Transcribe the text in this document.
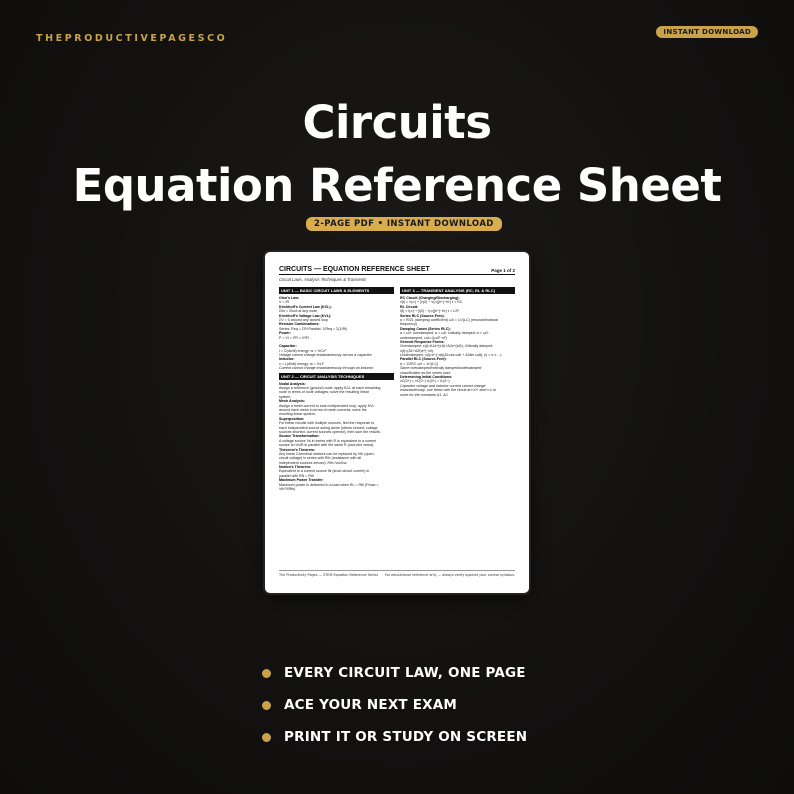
THEPRODUCTIVEPAGESCO
INSTANT DOWNLOAD
Circuits
Equation Reference Sheet
2-PAGE PDF • INSTANT DOWNLOAD
CIRCUITS — EQUATION REFERENCE SHEET	Page 1 of 2
Circuit Laws, Analysis Techniques & Transients
UNIT 1 — BASIC CIRCUIT LAWS & ELEMENTS
Ohm's Law:
V = IR
Kirchhoff's Current Law (KCL):
ΣIin = ΣIout at any node
Kirchhoff's Voltage Law (KVL):
ΣV = 0 around any closed loop
Resistor Combinations:
Series: Req = ΣRi Parallel: 1/Req = Σ(1/Ri)
Power:
P = VI = I²R = V²/R
Capacitor:
i = C(dv/dt) energy: w = ½Cv²
Voltage cannot change instantaneously across a capacitor
Inductor:
v = L(di/dt) energy: w = ½Li²
Current cannot change instantaneously through an inductor
UNIT 2 — CIRCUIT ANALYSIS TECHNIQUES
Nodal Analysis:
Assign a reference (ground) node; apply KCL at each remaining
node in terms of node voltages; solve the resulting linear
system.
Mesh Analysis:
Assign a mesh current to each independent loop; apply KVL
around each mesh in terms of mesh currents; solve the
resulting linear system.
Superposition:
For linear circuits with multiple sources, find the response to
each independent source acting alone (others zeroed: voltage
sources shorted, current sources opened), then sum the results.
Source Transformation:
A voltage source Vs in series with R is equivalent to a current
source Is=Vs/R in parallel with the same R (and vice versa).
Thévenin's Theorem:
Any linear 2-terminal network can be replaced by Vth (open-
circuit voltage) in series with Rth (resistance with all
independent sources zeroed). Rth=Voc/Isc
Norton's Theorem:
Equivalent to a current source IN (short-circuit current) in
parallel with RN = Rth
Maximum Power Transfer:
Maximum power is delivered to a load when RL = Rth (Pmax =
Vth²/4Rth)
UNIT 3 — TRANSIENT ANALYSIS (RC, RL & RLC)
RC Circuit (Charging/Discharging):
v(t) = v(∞) + [v(0) − v(∞)]e^(−t/τ) τ = RC
RL Circuit:
i(t) = i(∞) + [i(0) − i(∞)]e^(−t/τ) τ = L/R
Series RLC (Source-Free):
α = R/2L (damping coefficient) ω0 = 1/√(LC) (resonant/natural
frequency)
Damping Cases (Series RLC):
α > ω0: overdamped; α = ω0: critically damped; α < ω0:
underdamped, ωd=√(ω0²−α²)
General Response Forms:
Overdamped: x(t)=A1e^(s1t)+A2e^(s2t); Critically damped:
x(t)=(A1+A2t)e^(−αt);
Underdamped: x(t)=e^(−αt)(A1cos ωdt + A2sin ωdt); (s = α ± ...)
Parallel RLC (Source-Free):
α = 1/2RC ω0 = 1/√(LC)
Same overdamped/critically damped/underdamped
classification as the series case.
Determining Initial Conditions:
vC(0+) = vC(0−) iL(0+) = iL(0−)
Capacitor voltage and inductor current cannot change
instantaneously; use these with the circuit at t=0+ and t=∞ to
solve for the constants A1, A2.
The Productivity Pages — STEM Equation Reference Series For educational reference only — always verify against your course syllabus.
EVERY CIRCUIT LAW, ONE PAGE
ACE YOUR NEXT EXAM
PRINT IT OR STUDY ON SCREEN
